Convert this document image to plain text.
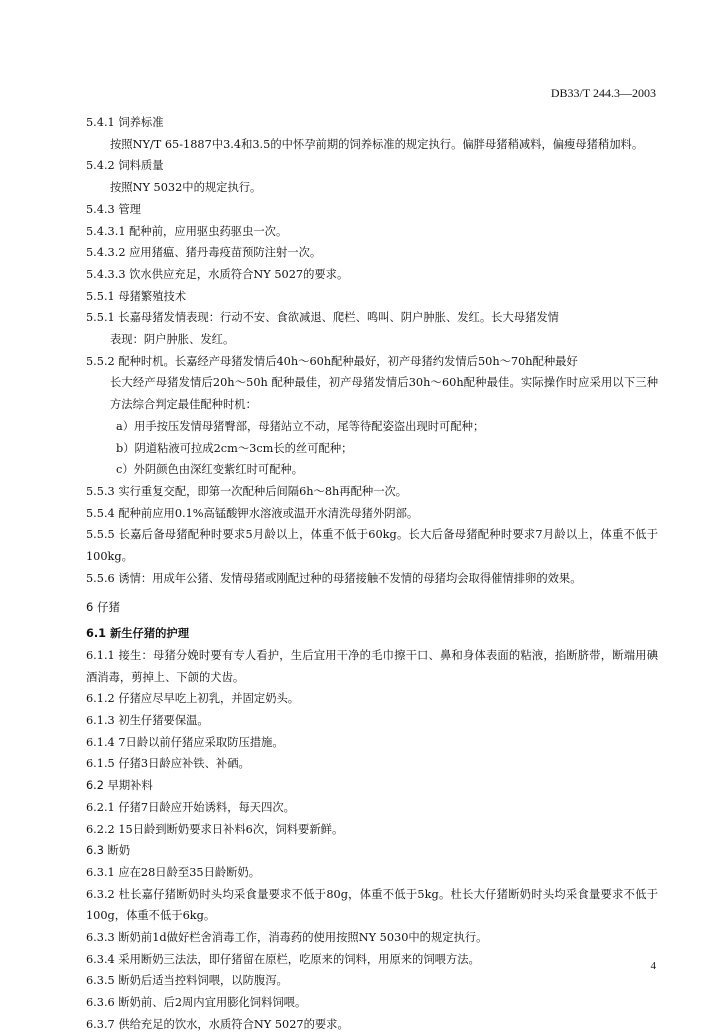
DB33/T 244.3—2003

5.4.1 饲养标准

按照NY/T 65-1887中3.4和3.5的中怀孕前期的饲养标准的规定执行。偏胖母猪稍减料，偏瘦母猪稍加料。

5.4.2 饲料质量

按照NY 5032中的规定执行。

5.4.3 管理

5.4.3.1 配种前，应用驱虫药驱虫一次。

5.4.3.2 应用猪瘟、猪丹毒疫苗预防注射一次。

5.4.3.3 饮水供应充足，水质符合NY 5027的要求。

5.5.1 母猪繁殖技术

5.5.1 长嘉母猪发情表现：行动不安、食欲减退、爬栏、鸣叫、阴户肿胀、发红。长大母猪发情

表现：阴户肿胀、发红。

5.5.2 配种时机。长嘉经产母猪发情后40h～60h配种最好，初产母猪约发情后50h～70h配种最好

长大经产母猪发情后20h～50h 配种最佳，初产母猪发情后30h～60h配种最佳。实际操作时应采用以下三种方法综合判定最佳配种时机：

a）用手按压发情母猪臀部，母猪站立不动，尾等待配姿盗出现时可配种；

b）阴道粘液可拉成2cm～3cm长的丝可配种；

c）外阴颜色由深红变紫红时可配种。

5.5.3 实行重复交配，即第一次配种后间隔6h～8h再配种一次。

5.5.4 配种前应用0.1%高锰酸钾水溶液或温开水清洗母猪外阴部。

5.5.5 长嘉后备母猪配种时要求5月龄以上，体重不低于60kg。长大后备母猪配种时要求7月龄以上，体重不低于100kg。

5.5.6 诱情：用成年公猪、发情母猪或刚配过种的母猪接触不发情的母猪均会取得催情排卵的效果。

6 仔猪

6.1 新生仔猪的护理

6.1.1 接生：母猪分娩时要有专人看护，生后宜用干净的毛巾擦干口、鼻和身体表面的粘液，掐断脐带，断端用碘酒消毒，剪掉上、下颌的犬齿。

6.1.2 仔猪应尽早吃上初乳，并固定奶头。

6.1.3 初生仔猪要保温。

6.1.4 7日龄以前仔猪应采取防压措施。

6.1.5 仔猪3日龄应补铁、补硒。

6.2 早期补料

6.2.1 仔猪7日龄应开始诱料，每天四次。

6.2.2 15日龄到断奶要求日补料6次，饲料要新鲜。

6.3 断奶

6.3.1 应在28日龄至35日龄断奶。

6.3.2 杜长嘉仔猪断奶时头均采食量要求不低于80g，体重不低于5kg。杜长大仔猪断奶时头均采食量要求不低于100g，体重不低于6kg。

6.3.3 断奶前1d做好栏舍消毒工作，消毒药的使用按照NY 5030中的规定执行。

6.3.4 采用断奶三法法，即仔猪留在原栏，吃原来的饲料，用原来的饲喂方法。

6.3.5 断奶后适当控料饲喂，以防腹泻。

6.3.6 断奶前、后2周内宜用膨化饲料饲喂。

6.3.7 供给充足的饮水，水质符合NY 5027的要求。

4
